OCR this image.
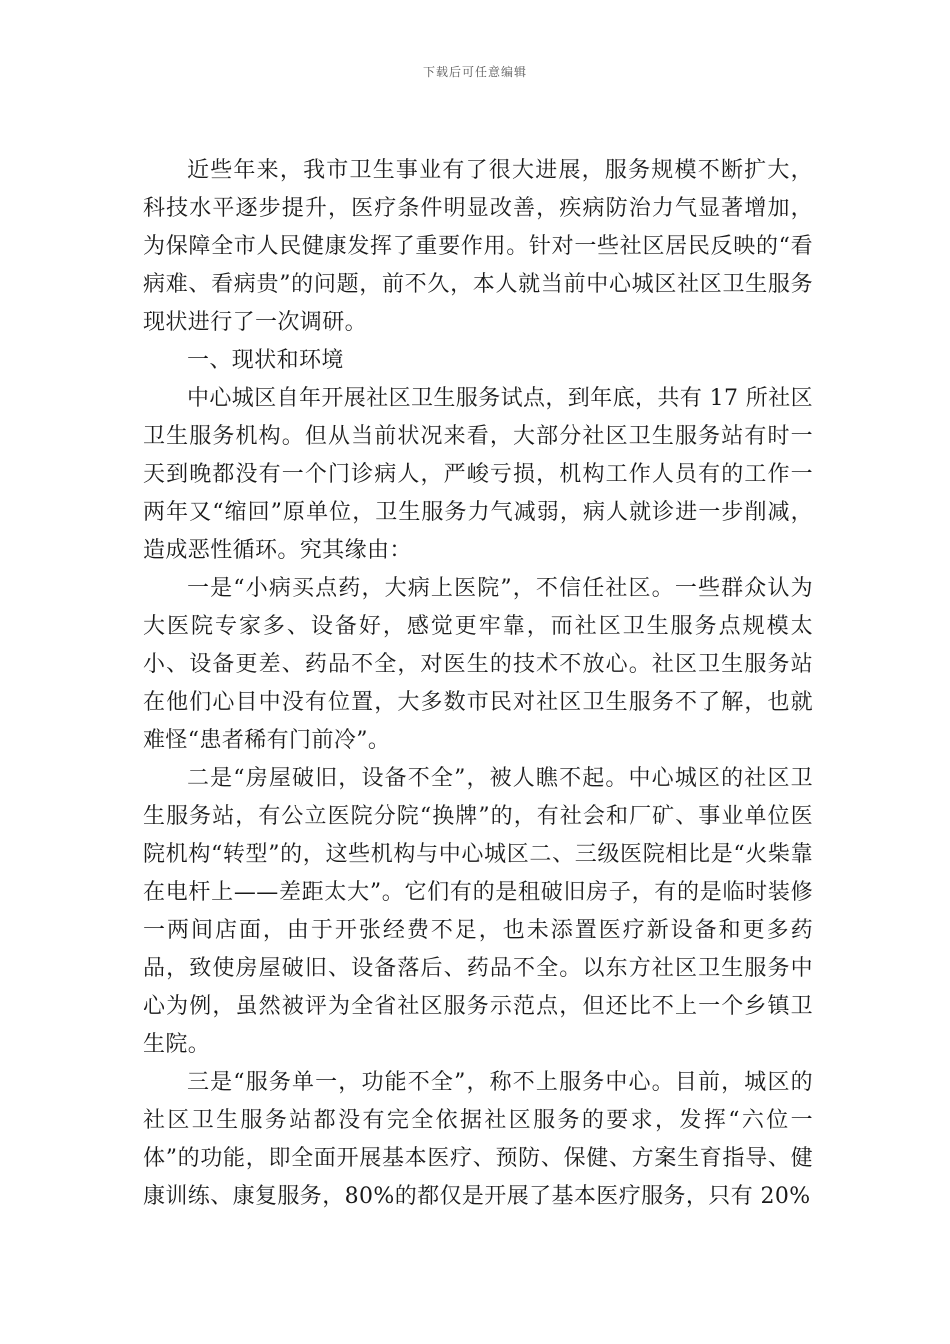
下载后可任意编辑

近些年来，我市卫生事业有了很大进展，服务规模不断扩大，科技水平逐步提升，医疗条件明显改善，疾病防治力气显著增加，为保障全市人民健康发挥了重要作用。针对一些社区居民反映的“看病难、看病贵”的问题，前不久，本人就当前中心城区社区卫生服务现状进行了一次调研。

一、现状和环境

中心城区自年开展社区卫生服务试点，到年底，共有 17 所社区卫生服务机构。但从当前状况来看，大部分社区卫生服务站有时一天到晚都没有一个门诊病人，严峻亏损，机构工作人员有的工作一两年又“缩回”原单位，卫生服务力气减弱，病人就诊进一步削减，造成恶性循环。究其缘由：

一是“小病买点药，大病上医院”，不信任社区。一些群众认为大医院专家多、设备好，感觉更牢靠，而社区卫生服务点规模太小、设备更差、药品不全，对医生的技术不放心。社区卫生服务站在他们心目中没有位置，大多数市民对社区卫生服务不了解，也就难怪“患者稀有门前冷”。

二是“房屋破旧，设备不全”，被人瞧不起。中心城区的社区卫生服务站，有公立医院分院“换牌”的，有社会和厂矿、事业单位医院机构“转型”的，这些机构与中心城区二、三级医院相比是“火柴靠在电杆上——差距太大”。它们有的是租破旧房子，有的是临时装修一两间店面，由于开张经费不足，也未添置医疗新设备和更多药品，致使房屋破旧、设备落后、药品不全。以东方社区卫生服务中心为例，虽然被评为全省社区服务示范点，但还比不上一个乡镇卫生院。

三是“服务单一，功能不全”，称不上服务中心。目前，城区的社区卫生服务站都没有完全依据社区服务的要求，发挥“六位一体”的功能，即全面开展基本医疗、预防、保健、方案生育指导、健康训练、康复服务，80%的都仅是开展了基本医疗服务，只有 20%
